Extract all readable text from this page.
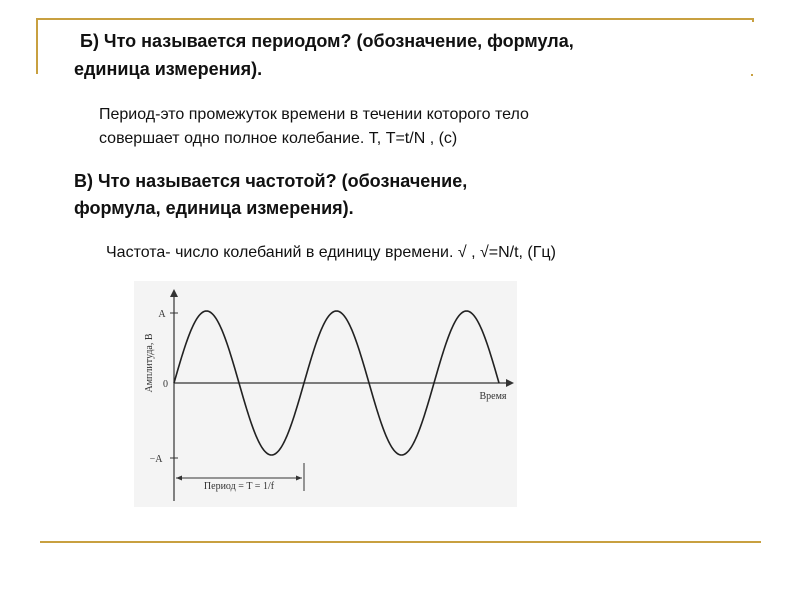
Б) Что называется периодом? (обозначение, формула,
единица измерения).
Период-это промежуток времени в течении которого тело
совершает одно полное колебание. Т, Т=t/N , (с)
В) Что называется частотой? (обозначение,
формула, единица измерения).
Частота- число колебаний в единицу времени. √ , √=N/t, (Гц)
A
−A
0
Амплитуда, В
Время
Период = T = 1/f
